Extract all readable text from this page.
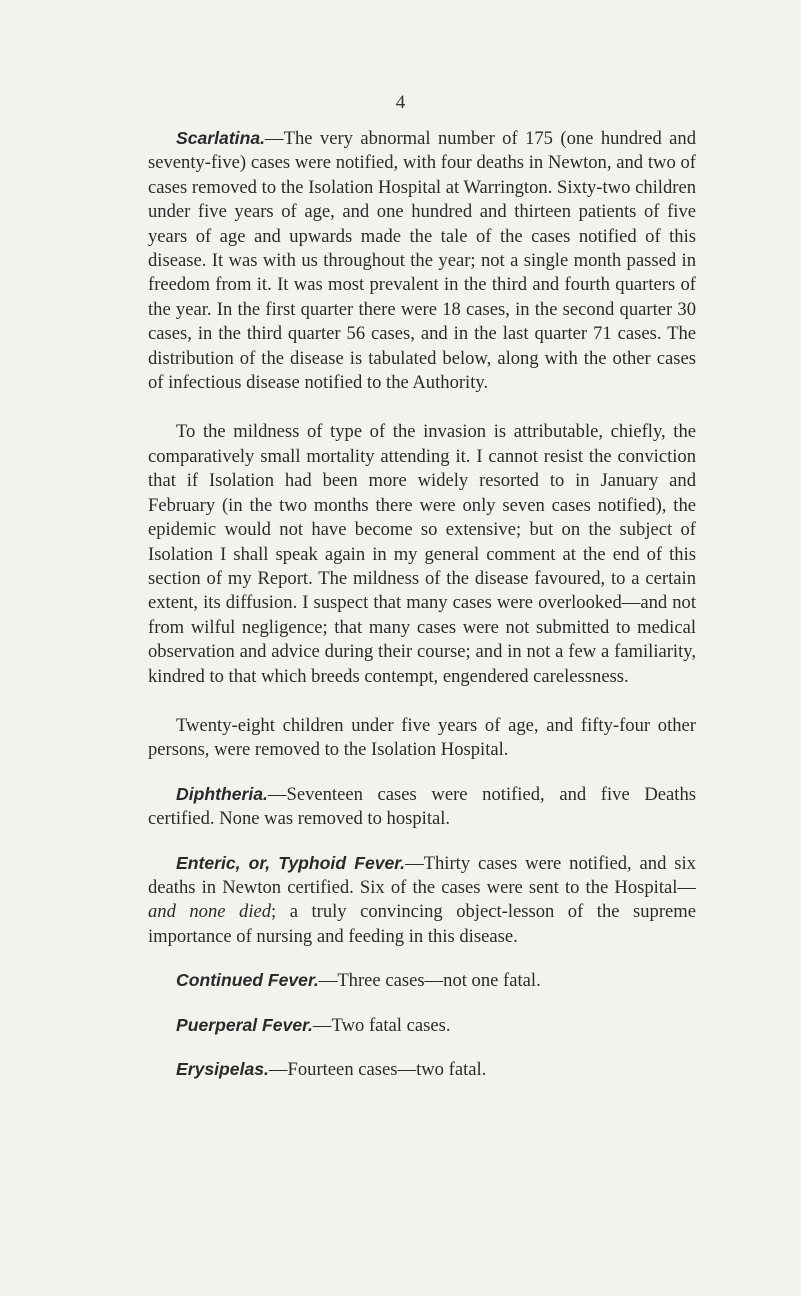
4

Scarlatina.—The very abnormal number of 175 (one hundred and seventy-five) cases were notified, with four deaths in Newton, and two of cases removed to the Isolation Hospital at Warrington. Sixty-two children under five years of age, and one hundred and thirteen patients of five years of age and upwards made the tale of the cases notified of this disease. It was with us throughout the year; not a single month passed in freedom from it. It was most prevalent in the third and fourth quarters of the year. In the first quarter there were 18 cases, in the second quarter 30 cases, in the third quarter 56 cases, and in the last quarter 71 cases. The distribution of the disease is tabulated below, along with the other cases of infectious disease notified to the Authority.

To the mildness of type of the invasion is attributable, chiefly, the comparatively small mortality attending it. I cannot resist the conviction that if Isolation had been more widely resorted to in January and February (in the two months there were only seven cases notified), the epidemic would not have become so extensive; but on the subject of Isolation I shall speak again in my general comment at the end of this section of my Report. The mildness of the disease favoured, to a certain extent, its diffusion. I suspect that many cases were overlooked—and not from wilful negligence; that many cases were not submitted to medical observation and advice during their course; and in not a few a familiarity, kindred to that which breeds contempt, engendered carelessness.

Twenty-eight children under five years of age, and fifty-four other persons, were removed to the Isolation Hospital.

Diphtheria.—Seventeen cases were notified, and five Deaths certified. None was removed to hospital.

Enteric, or, Typhoid Fever.—Thirty cases were notified, and six deaths in Newton certified. Six of the cases were sent to the Hospital—and none died; a truly convincing object-lesson of the supreme importance of nursing and feeding in this disease.

Continued Fever.—Three cases—not one fatal.

Puerperal Fever.—Two fatal cases.

Erysipelas.—Fourteen cases—two fatal.
